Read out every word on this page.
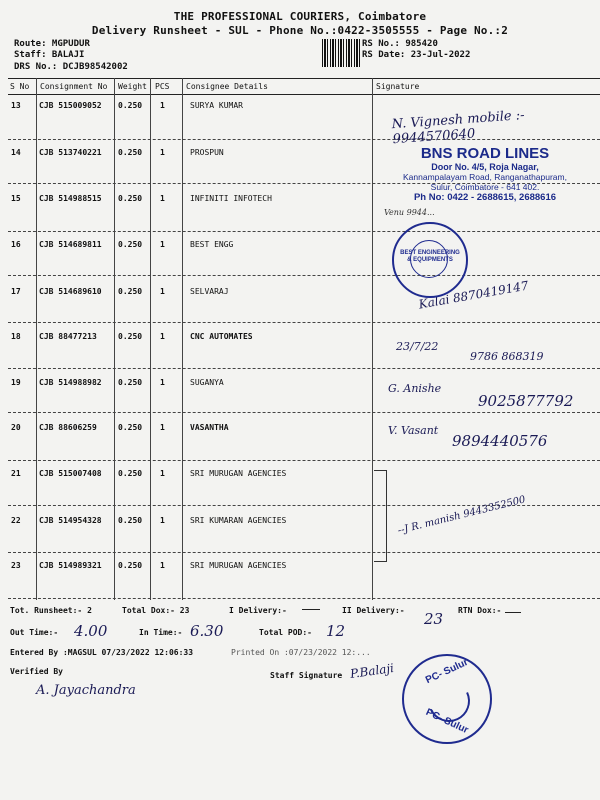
THE PROFESSIONAL COURIERS, Coimbatore
Delivery Runsheet - SUL - Phone No.:0422-3505555 - Page No.:2
Route: MGPUDUR
Staff: BALAJI
DRS No.: DCJB98542002
RS No.: 985420
RS Date: 23-Jul-2022
S No Consignment No Weight PCS Consignee Details	Signature
13 CJB 515009052 0.250 1	SURYA KUMAR
14 CJB 513740221 0.250 1	PROSPUN
15 CJB 514988515 0.250 1	INFINITI INFOTECH
16 CJB 514689811 0.250 1	BEST ENGG
17 CJB 514689610 0.250 1	SELVARAJ
18 CJB 88477213	0.250 1	CNC AUTOMATES
19 CJB 514988982 0.250 1	SUGANYA
20 CJB 88606259	0.250 1	VASANTHA
21 CJB 515007408 0.250 1	SRI MURUGAN AGENCIES
22 CJB 514954328 0.250 1	SRI KUMARAN AGENCIES
23 CJB 514989321 0.250 1	SRI MURUGAN AGENCIES
N. Vignesh mobile :- 9944570640
Venu 9944...
Kalai 8870419147
23/7/22
9786 868319
G. Anishe
9025877792
V. Vasant
9894440576
--J R. manish 9443352500
BNS ROAD LINES
Door No. 4/5, Roja Nagar,
Kannampalayam Road, Ranganathapuram,
Sulur, Coimbatore - 641 402.
Ph No: 0422 - 2688615, 2688616
BEST ENGINEERING & EQUIPMENTS
Tot. Runsheet:- 2	Total Dox:- 23	I Delivery:-	II Delivery:- 23 RTN Dox:-
Out Time:- 4.00	In Time:- 6.30	Total POD:- 12
Entered By :MAGSUL 07/23/2022 12:06:33	Printed On :07/23/2022 12:...
Verified By
A. Jayachandra
Staff Signature P.Balaji	PC- Sulur
PC- Sulur
